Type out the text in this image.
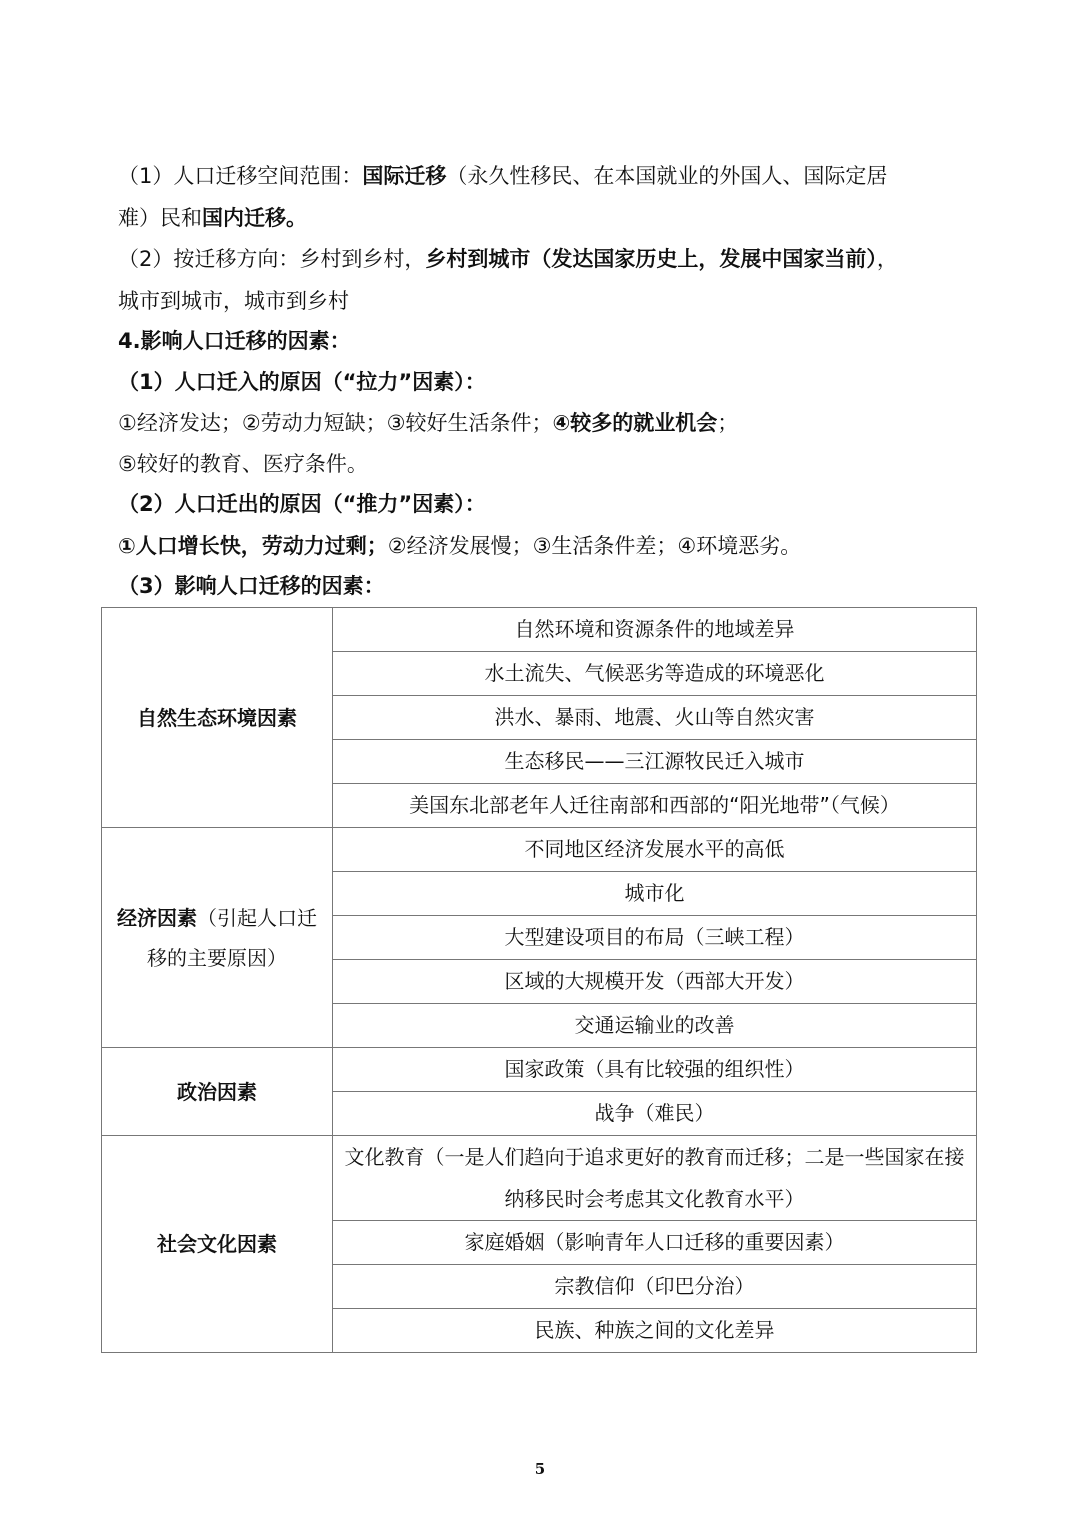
（1）人口迁移空间范围：国际迁移（永久性移民、在本国就业的外国人、国际定居
难）民和国内迁移。
（2）按迁移方向：乡村到乡村，乡村到城市（发达国家历史上，发展中国家当前），
城市到城市，城市到乡村
4.影响人口迁移的因素：
（1）人口迁入的原因（“拉力”因素）：
①经济发达；②劳动力短缺；③较好生活条件；④较多的就业机会；
⑤较好的教育、医疗条件。
（2）人口迁出的原因（“推力”因素）：
①人口增长快，劳动力过剩；②经济发展慢；③生活条件差；④环境恶劣。
（3）影响人口迁移的因素：
自然生态环境因素	自然环境和资源条件的地域差异
	水土流失、气候恶劣等造成的环境恶化
	洪水、暴雨、地震、火山等自然灾害
	生态移民——三江源牧民迁入城市
	美国东北部老年人迁往南部和西部的“阳光地带”（气候）
经济因素（引起人口迁移的主要原因）	不同地区经济发展水平的高低
	城市化
	大型建设项目的布局（三峡工程）
	区域的大规模开发（西部大开发）
	交通运输业的改善
政治因素	国家政策（具有比较强的组织性）
	战争（难民）
社会文化因素	文化教育（一是人们趋向于追求更好的教育而迁移；二是一些国家在接纳移民时会考虑其文化教育水平）
	家庭婚姻（影响青年人口迁移的重要因素）
	宗教信仰（印巴分治）
	民族、种族之间的文化差异
5
